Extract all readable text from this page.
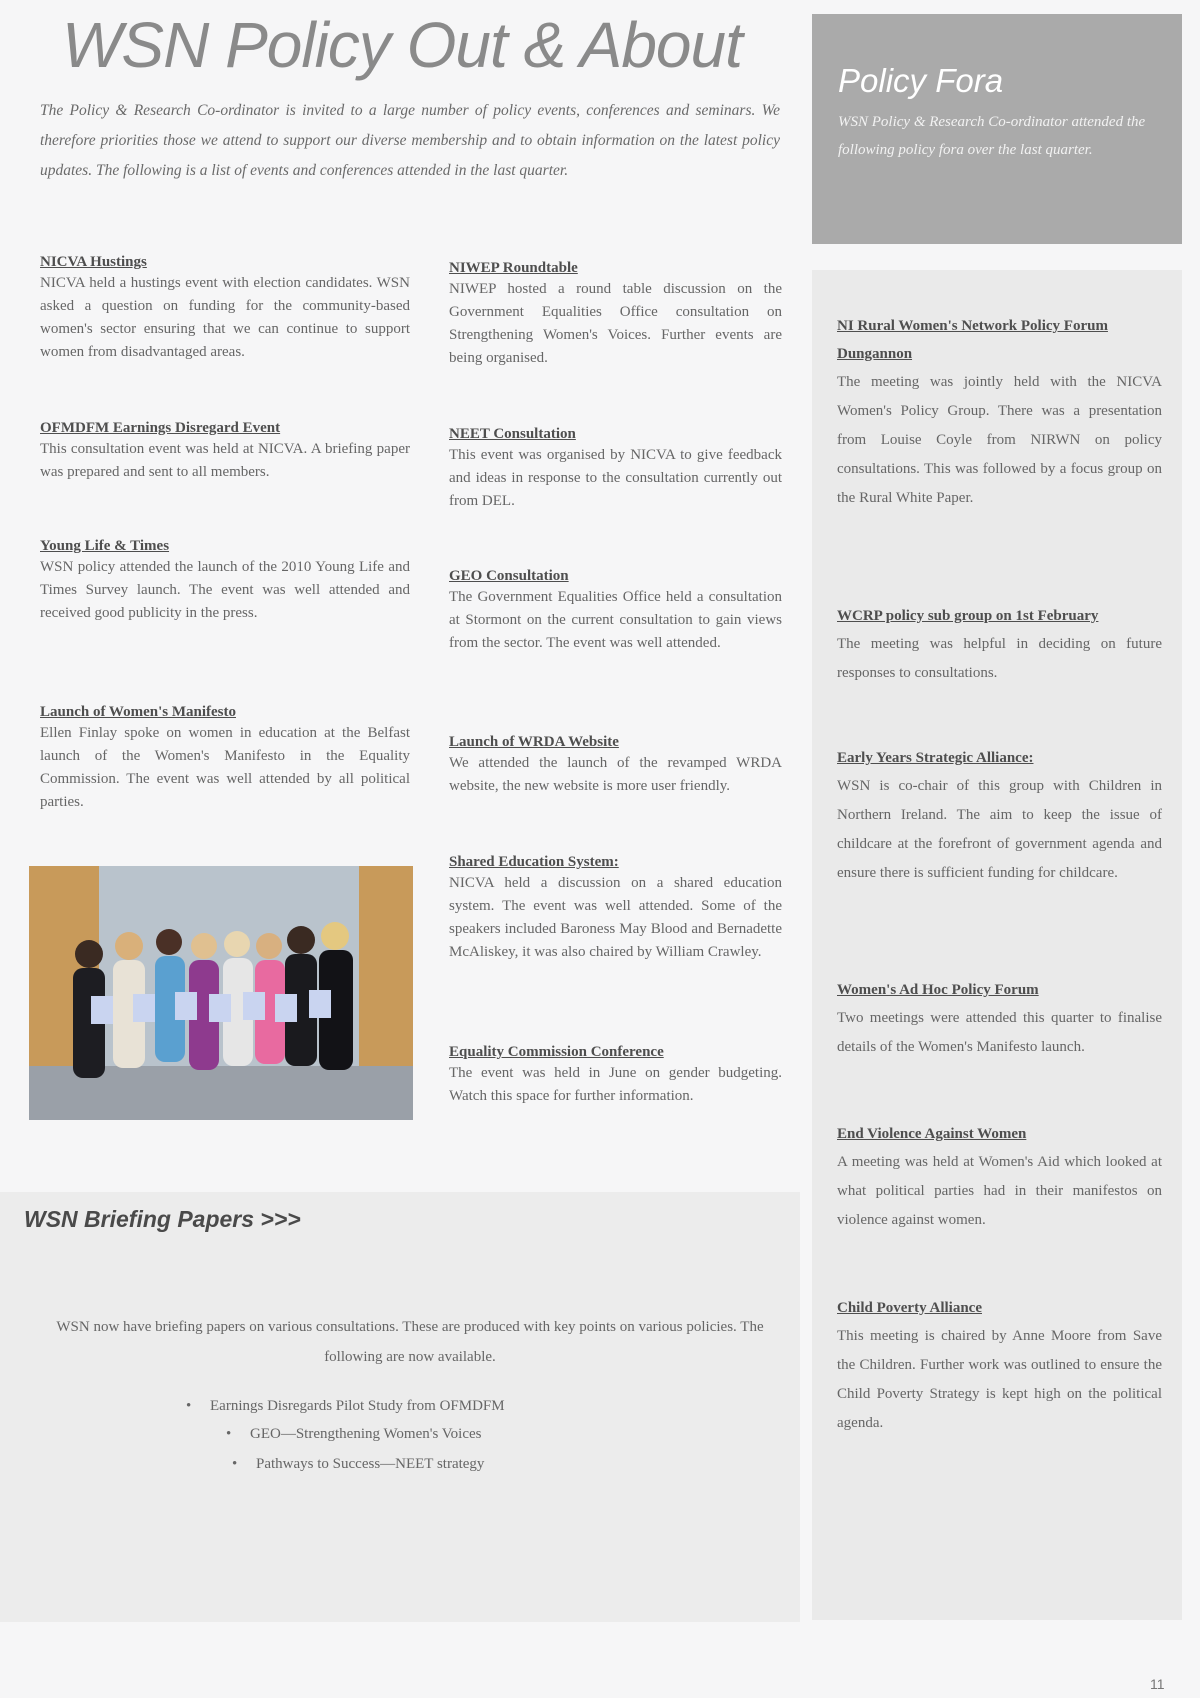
WSN Policy Out & About

The Policy & Research Co-ordinator is invited to a large number of policy events, conferences and seminars. We therefore priorities those we attend to support our diverse membership and to obtain information on the latest policy updates. The following is a list of events and conferences attended in the last quarter.

NICVA Hustings
NICVA held a hustings event with election candidates. WSN asked a question on funding for the community-based women's sector ensuring that we can continue to support women from disadvantaged areas.
OFMDFM Earnings Disregard Event
This consultation event was held at NICVA. A briefing paper was prepared and sent to all members.
Young Life & Times
WSN policy attended the launch of the 2010 Young Life and Times Survey launch. The event was well attended and received good publicity in the press.
Launch of Women's Manifesto
Ellen Finlay spoke on women in education at the Belfast launch of the Women's Manifesto in the Equality Commission. The event was well attended by all political parties.
NIWEP Roundtable
NIWEP hosted a round table discussion on the Government Equalities Office consultation on Strengthening Women's Voices. Further events are being organised.
NEET Consultation
This event was organised by NICVA to give feedback and ideas in response to the consultation currently out from DEL.
GEO Consultation
The Government Equalities Office held a consultation at Stormont on the current consultation to gain views from the sector. The event was well attended.
Launch of WRDA Website
We attended the launch of the revamped WRDA website, the new website is more user friendly.
Shared Education System:
NICVA held a discussion on a shared education system. The event was well attended. Some of the speakers included Baroness May Blood and Bernadette McAliskey, it was also chaired by William Crawley.
Equality Commission Conference
The event was held in June on gender budgeting. Watch this space for further information.
Policy Fora

WSN Policy & Research Co-ordinator attended the following policy fora over the last quarter.

NI Rural Women's Network Policy Forum Dungannon
The meeting was jointly held with the NICVA Women's Policy Group. There was a presentation from Louise Coyle from NIRWN on policy consultations. This was followed by a focus group on the Rural White Paper.
WCRP policy sub group on 1st February
The meeting was helpful in deciding on future responses to consultations.
Early Years Strategic Alliance:
WSN is co-chair of this group with Children in Northern Ireland. The aim to keep the issue of childcare at the forefront of government agenda and ensure there is sufficient funding for childcare.
Women's Ad Hoc Policy Forum
Two meetings were attended this quarter to finalise details of the Women's Manifesto launch.
End Violence Against Women
A meeting was held at Women's Aid which looked at what political parties had in their manifestos on violence against women.
Child Poverty Alliance
This meeting is chaired by Anne Moore from Save the Children. Further work was outlined to ensure the Child Poverty Strategy is kept high on the political agenda.
WSN Briefing Papers >>>

WSN now have briefing papers on various consultations. These are produced with key points on various policies. The following are now available.

• Earnings Disregards Pilot Study from OFMDFM
• GEO—Strengthening Women's Voices
• Pathways to Success—NEET strategy
11
